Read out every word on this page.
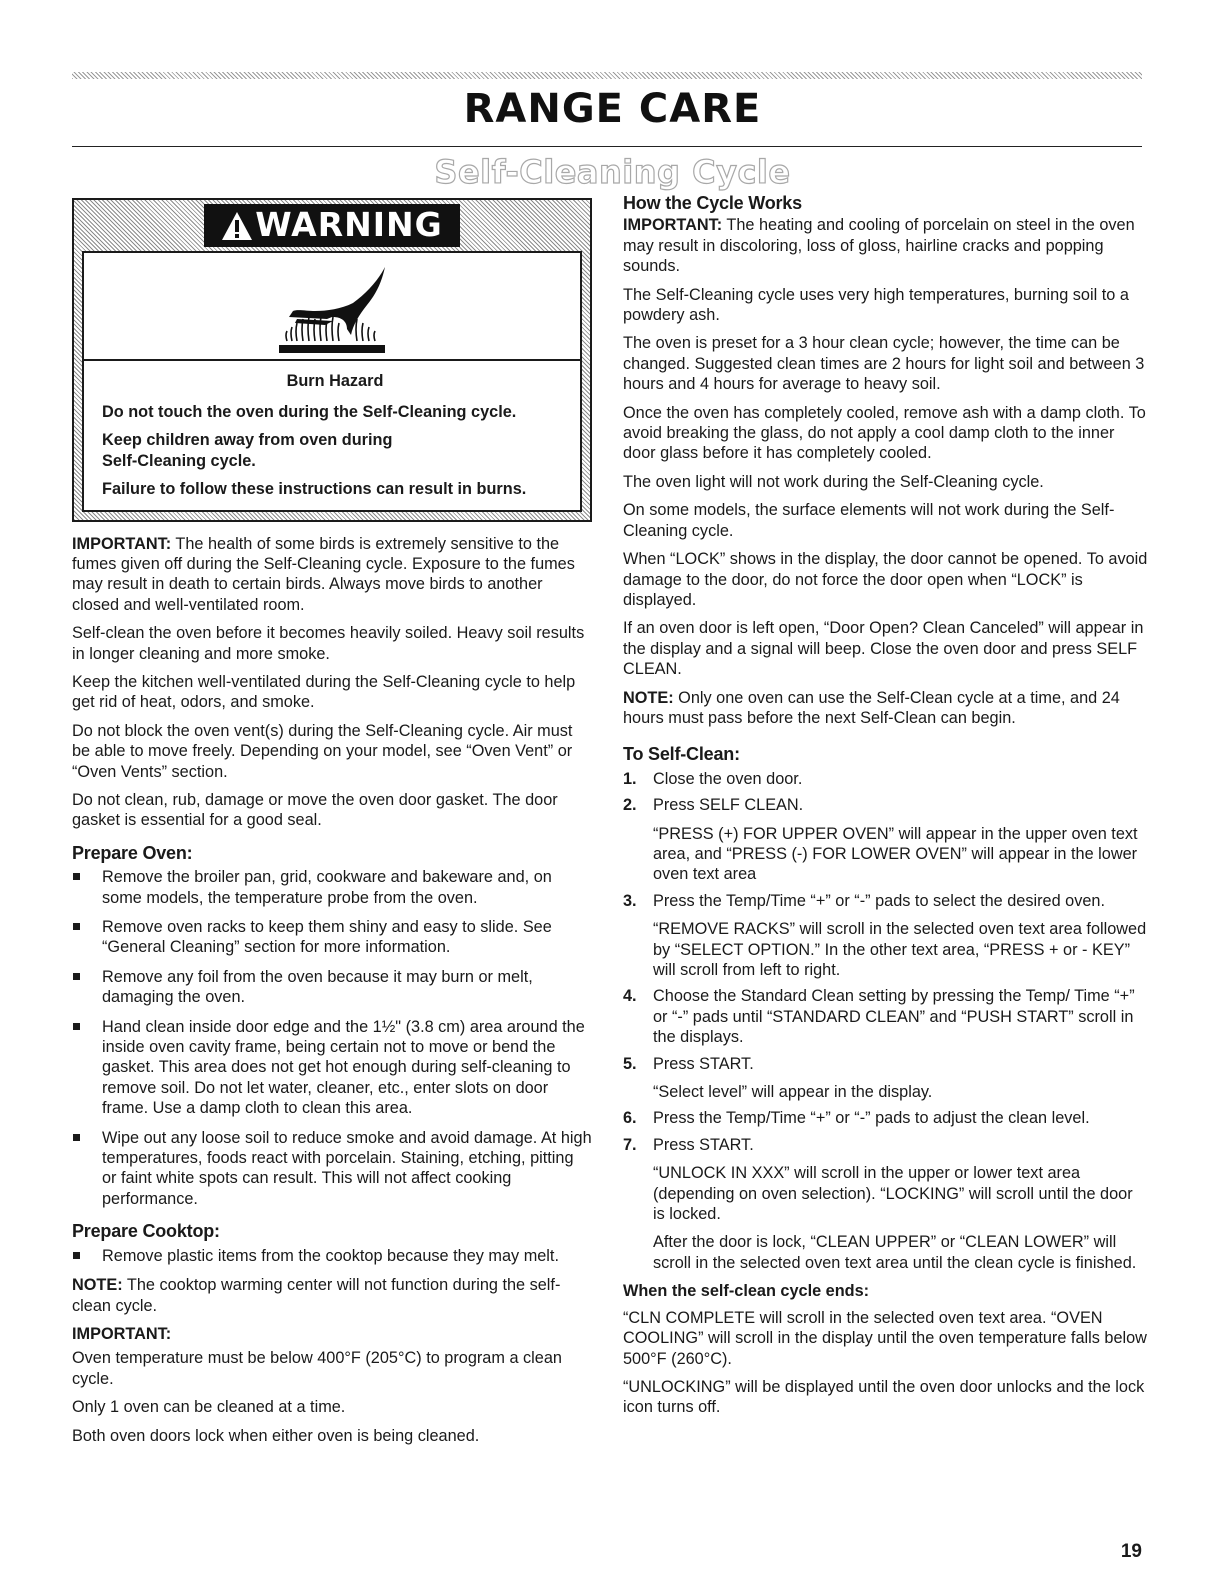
RANGE CARE
Self-Cleaning Cycle
WARNING
Burn Hazard
Do not touch the oven during the Self-Cleaning cycle.
Keep children away from oven during
Self-Cleaning cycle.
Failure to follow these instructions can result in burns.

IMPORTANT: The health of some birds is extremely sensitive to the fumes given off during the Self-Cleaning cycle. Exposure to the fumes may result in death to certain birds. Always move birds to another closed and well-ventilated room.

Self-clean the oven before it becomes heavily soiled. Heavy soil results in longer cleaning and more smoke.

Keep the kitchen well-ventilated during the Self-Cleaning cycle to help get rid of heat, odors, and smoke.

Do not block the oven vent(s) during the Self-Cleaning cycle. Air must be able to move freely. Depending on your model, see “Oven Vent” or “Oven Vents” section.

Do not clean, rub, damage or move the oven door gasket. The door gasket is essential for a good seal.

Prepare Oven:
Remove the broiler pan, grid, cookware and bakeware and, on some models, the temperature probe from the oven.
Remove oven racks to keep them shiny and easy to slide. See “General Cleaning” section for more information.
Remove any foil from the oven because it may burn or melt, damaging the oven.
Hand clean inside door edge and the 1½" (3.8 cm) area around the inside oven cavity frame, being certain not to move or bend the gasket. This area does not get hot enough during self-cleaning to remove soil. Do not let water, cleaner, etc., enter slots on door frame. Use a damp cloth to clean this area.
Wipe out any loose soil to reduce smoke and avoid damage. At high temperatures, foods react with porcelain. Staining, etching, pitting or faint white spots can result. This will not affect cooking performance.
Prepare Cooktop:
Remove plastic items from the cooktop because they may melt.

NOTE: The cooktop warming center will not function during the self-clean cycle.

IMPORTANT:

Oven temperature must be below 400°F (205°C) to program a clean cycle.

Only 1 oven can be cleaned at a time.

Both oven doors lock when either oven is being cleaned.

How the Cycle Works

IMPORTANT: The heating and cooling of porcelain on steel in the oven may result in discoloring, loss of gloss, hairline cracks and popping sounds.

The Self-Cleaning cycle uses very high temperatures, burning soil to a powdery ash.

The oven is preset for a 3 hour clean cycle; however, the time can be changed. Suggested clean times are 2 hours for light soil and between 3 hours and 4 hours for average to heavy soil.

Once the oven has completely cooled, remove ash with a damp cloth. To avoid breaking the glass, do not apply a cool damp cloth to the inner door glass before it has completely cooled.

The oven light will not work during the Self-Cleaning cycle.

On some models, the surface elements will not work during the Self-Cleaning cycle.

When “LOCK” shows in the display, the door cannot be opened. To avoid damage to the door, do not force the door open when “LOCK” is displayed.

If an oven door is left open, “Door Open? Clean Canceled” will appear in the display and a signal will beep. Close the oven door and press SELF CLEAN.

NOTE: Only one oven can use the Self-Clean cycle at a time, and 24 hours must pass before the next Self-Clean can begin.

To Self-Clean:
1. Close the oven door.
2. Press SELF CLEAN.
“PRESS (+) FOR UPPER OVEN” will appear in the upper oven text area, and “PRESS (-) FOR LOWER OVEN” will appear in the lower oven text area
3. Press the Temp/Time “+” or “-” pads to select the desired oven.
“REMOVE RACKS” will scroll in the selected oven text area followed by “SELECT OPTION.” In the other text area, “PRESS + or - KEY” will scroll from left to right.
4. Choose the Standard Clean setting by pressing the Temp/ Time “+” or “-” pads until “STANDARD CLEAN” and “PUSH START” scroll in the displays.
5. Press START.
“Select level” will appear in the display.
6. Press the Temp/Time “+” or “-” pads to adjust the clean level.
7. Press START.
“UNLOCK IN XXX” will scroll in the upper or lower text area (depending on oven selection). “LOCKING” will scroll until the door is locked.
After the door is lock, “CLEAN UPPER” or “CLEAN LOWER” will scroll in the selected oven text area until the clean cycle is finished.
When the self-clean cycle ends:

“CLN COMPLETE will scroll in the selected oven text area. “OVEN COOLING” will scroll in the display until the oven temperature falls below 500°F (260°C).

“UNLOCKING” will be displayed until the oven door unlocks and the lock icon turns off.

19
